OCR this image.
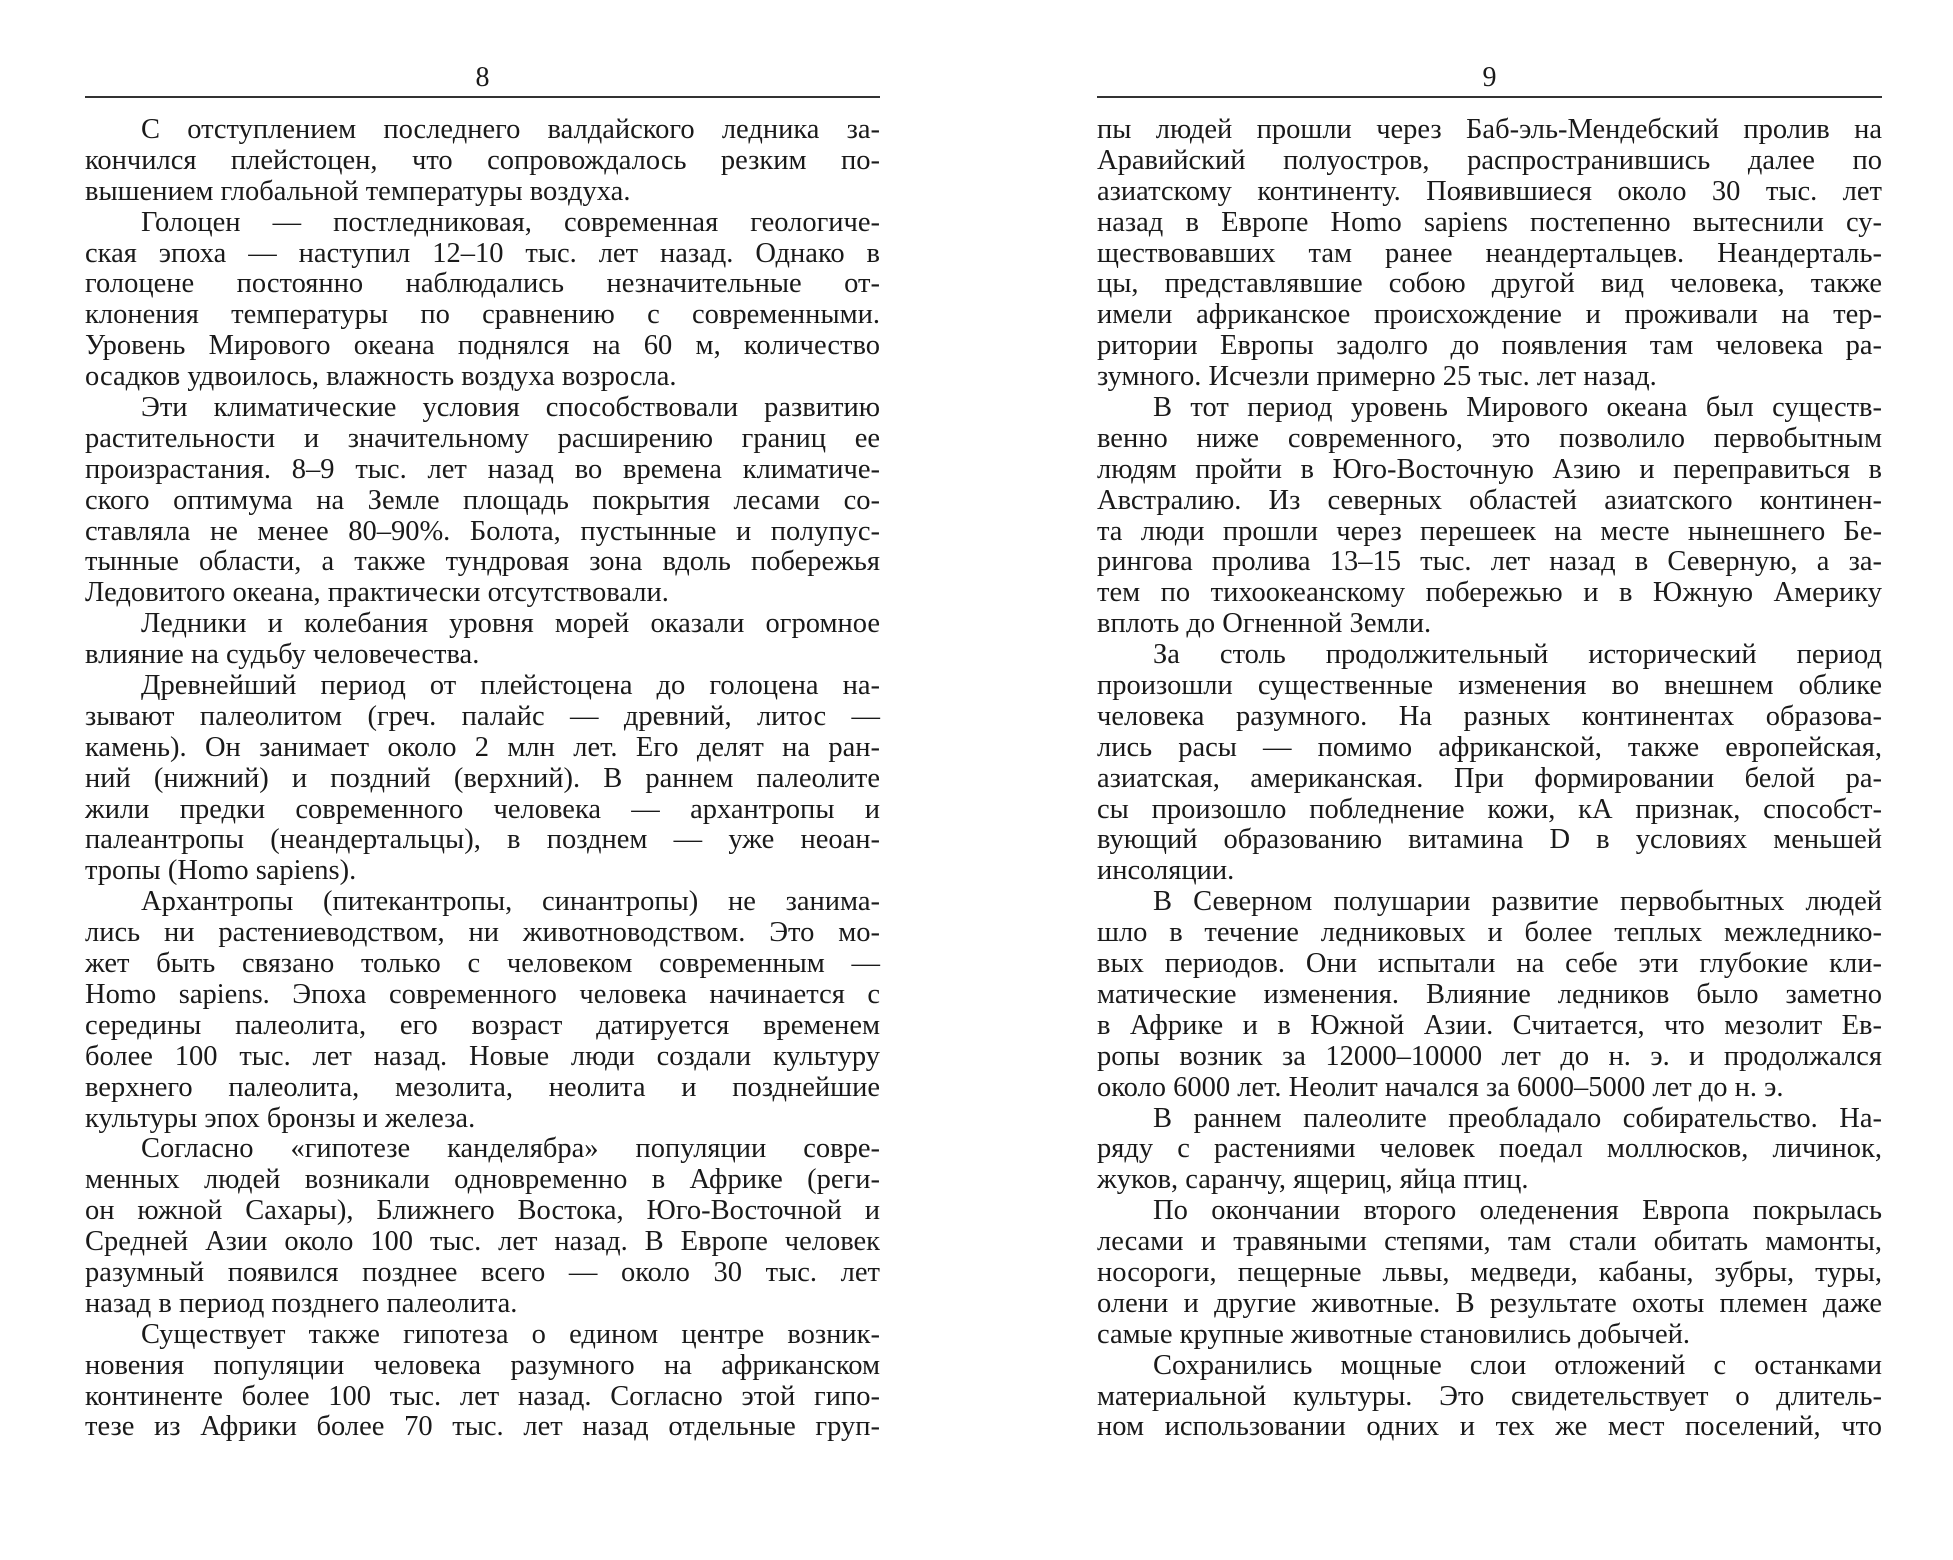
8
С отступлением последнего валдайского ледника за-
кончился плейстоцен, что сопровождалось резким по-
вышением глобальной температуры воздуха.
Голоцен — постледниковая, современная геологиче-
ская эпоха — наступил 12–10 тыс. лет назад. Однако в
голоцене постоянно наблюдались незначительные от-
клонения температуры по сравнению с современными.
Уровень Мирового океана поднялся на 60 м, количество
осадков удвоилось, влажность воздуха возросла.
Эти климатические условия способствовали развитию
растительности и значительному расширению границ ее
произрастания. 8–9 тыс. лет назад во времена климатиче-
ского оптимума на Земле площадь покрытия лесами со-
ставляла не менее 80–90%. Болота, пустынные и полупус-
тынные области, а также тундровая зона вдоль побережья
Ледовитого океана, практически отсутствовали.
Ледники и колебания уровня морей оказали огромное
влияние на судьбу человечества.
Древнейший период от плейстоцена до голоцена на-
зывают палеолитом (греч. палайс — древний, литос —
камень). Он занимает около 2 млн лет. Его делят на ран-
ний (нижний) и поздний (верхний). В раннем палеолите
жили предки современного человека — архантропы и
палеантропы (неандертальцы), в позднем — уже неоан-
тропы (Homo sapiens).
Архантропы (питекантропы, синантропы) не занима-
лись ни растениеводством, ни животноводством. Это мо-
жет быть связано только с человеком современным —
Homo sapiens. Эпоха современного человека начинается с
середины палеолита, его возраст датируется временем
более 100 тыс. лет назад. Новые люди создали культуру
верхнего палеолита, мезолита, неолита и позднейшие
культуры эпох бронзы и железа.
Согласно «гипотезе канделябра» популяции совре-
менных людей возникали одновременно в Африке (реги-
он южной Сахары), Ближнего Востока, Юго-Восточной и
Средней Азии около 100 тыс. лет назад. В Европе человек
разумный появился позднее всего — около 30 тыс. лет
назад в период позднего палеолита.
Существует также гипотеза о едином центре возник-
новения популяции человека разумного на африканском
континенте более 100 тыс. лет назад. Согласно этой гипо-
тезе из Африки более 70 тыс. лет назад отдельные груп-
9
пы людей прошли через Баб-эль-Мендебский пролив на
Аравийский полуостров, распространившись далее по
азиатскому континенту. Появившиеся около 30 тыс. лет
назад в Европе Homo sapiens постепенно вытеснили су-
ществовавших там ранее неандертальцев. Неандерталь-
цы, представлявшие собою другой вид человека, также
имели африканское происхождение и проживали на тер-
ритории Европы задолго до появления там человека ра-
зумного. Исчезли примерно 25 тыс. лет назад.
В тот период уровень Мирового океана был существ-
венно ниже современного, это позволило первобытным
людям пройти в Юго-Восточную Азию и переправиться в
Австралию. Из северных областей азиатского континен-
та люди прошли через перешеек на месте нынешнего Бе-
рингова пролива 13–15 тыс. лет назад в Северную, а за-
тем по тихоокеанскому побережью и в Южную Америку
вплоть до Огненной Земли.
За столь продолжительный исторический период
произошли существенные изменения во внешнем облике
человека разумного. На разных континентах образова-
лись расы — помимо африканской, также европейская,
азиатская, американская. При формировании белой ра-
сы произошло побледнение кожи, кА признак, способст-
вующий образованию витамина D в условиях меньшей
инсоляции.
В Северном полушарии развитие первобытных людей
шло в течение ледниковых и более теплых межледнико-
вых периодов. Они испытали на себе эти глубокие кли-
матические изменения. Влияние ледников было заметно
в Африке и в Южной Азии. Считается, что мезолит Ев-
ропы возник за 12000–10000 лет до н. э. и продолжался
около 6000 лет. Неолит начался за 6000–5000 лет до н. э.
В раннем палеолите преобладало собирательство. На-
ряду с растениями человек поедал моллюсков, личинок,
жуков, саранчу, ящериц, яйца птиц.
По окончании второго оледенения Европа покрылась
лесами и травяными степями, там стали обитать мамонты,
носороги, пещерные львы, медведи, кабаны, зубры, туры,
олени и другие животные. В результате охоты племен даже
самые крупные животные становились добычей.
Сохранились мощные слои отложений с останками
материальной культуры. Это свидетельствует о длитель-
ном использовании одних и тех же мест поселений, что
